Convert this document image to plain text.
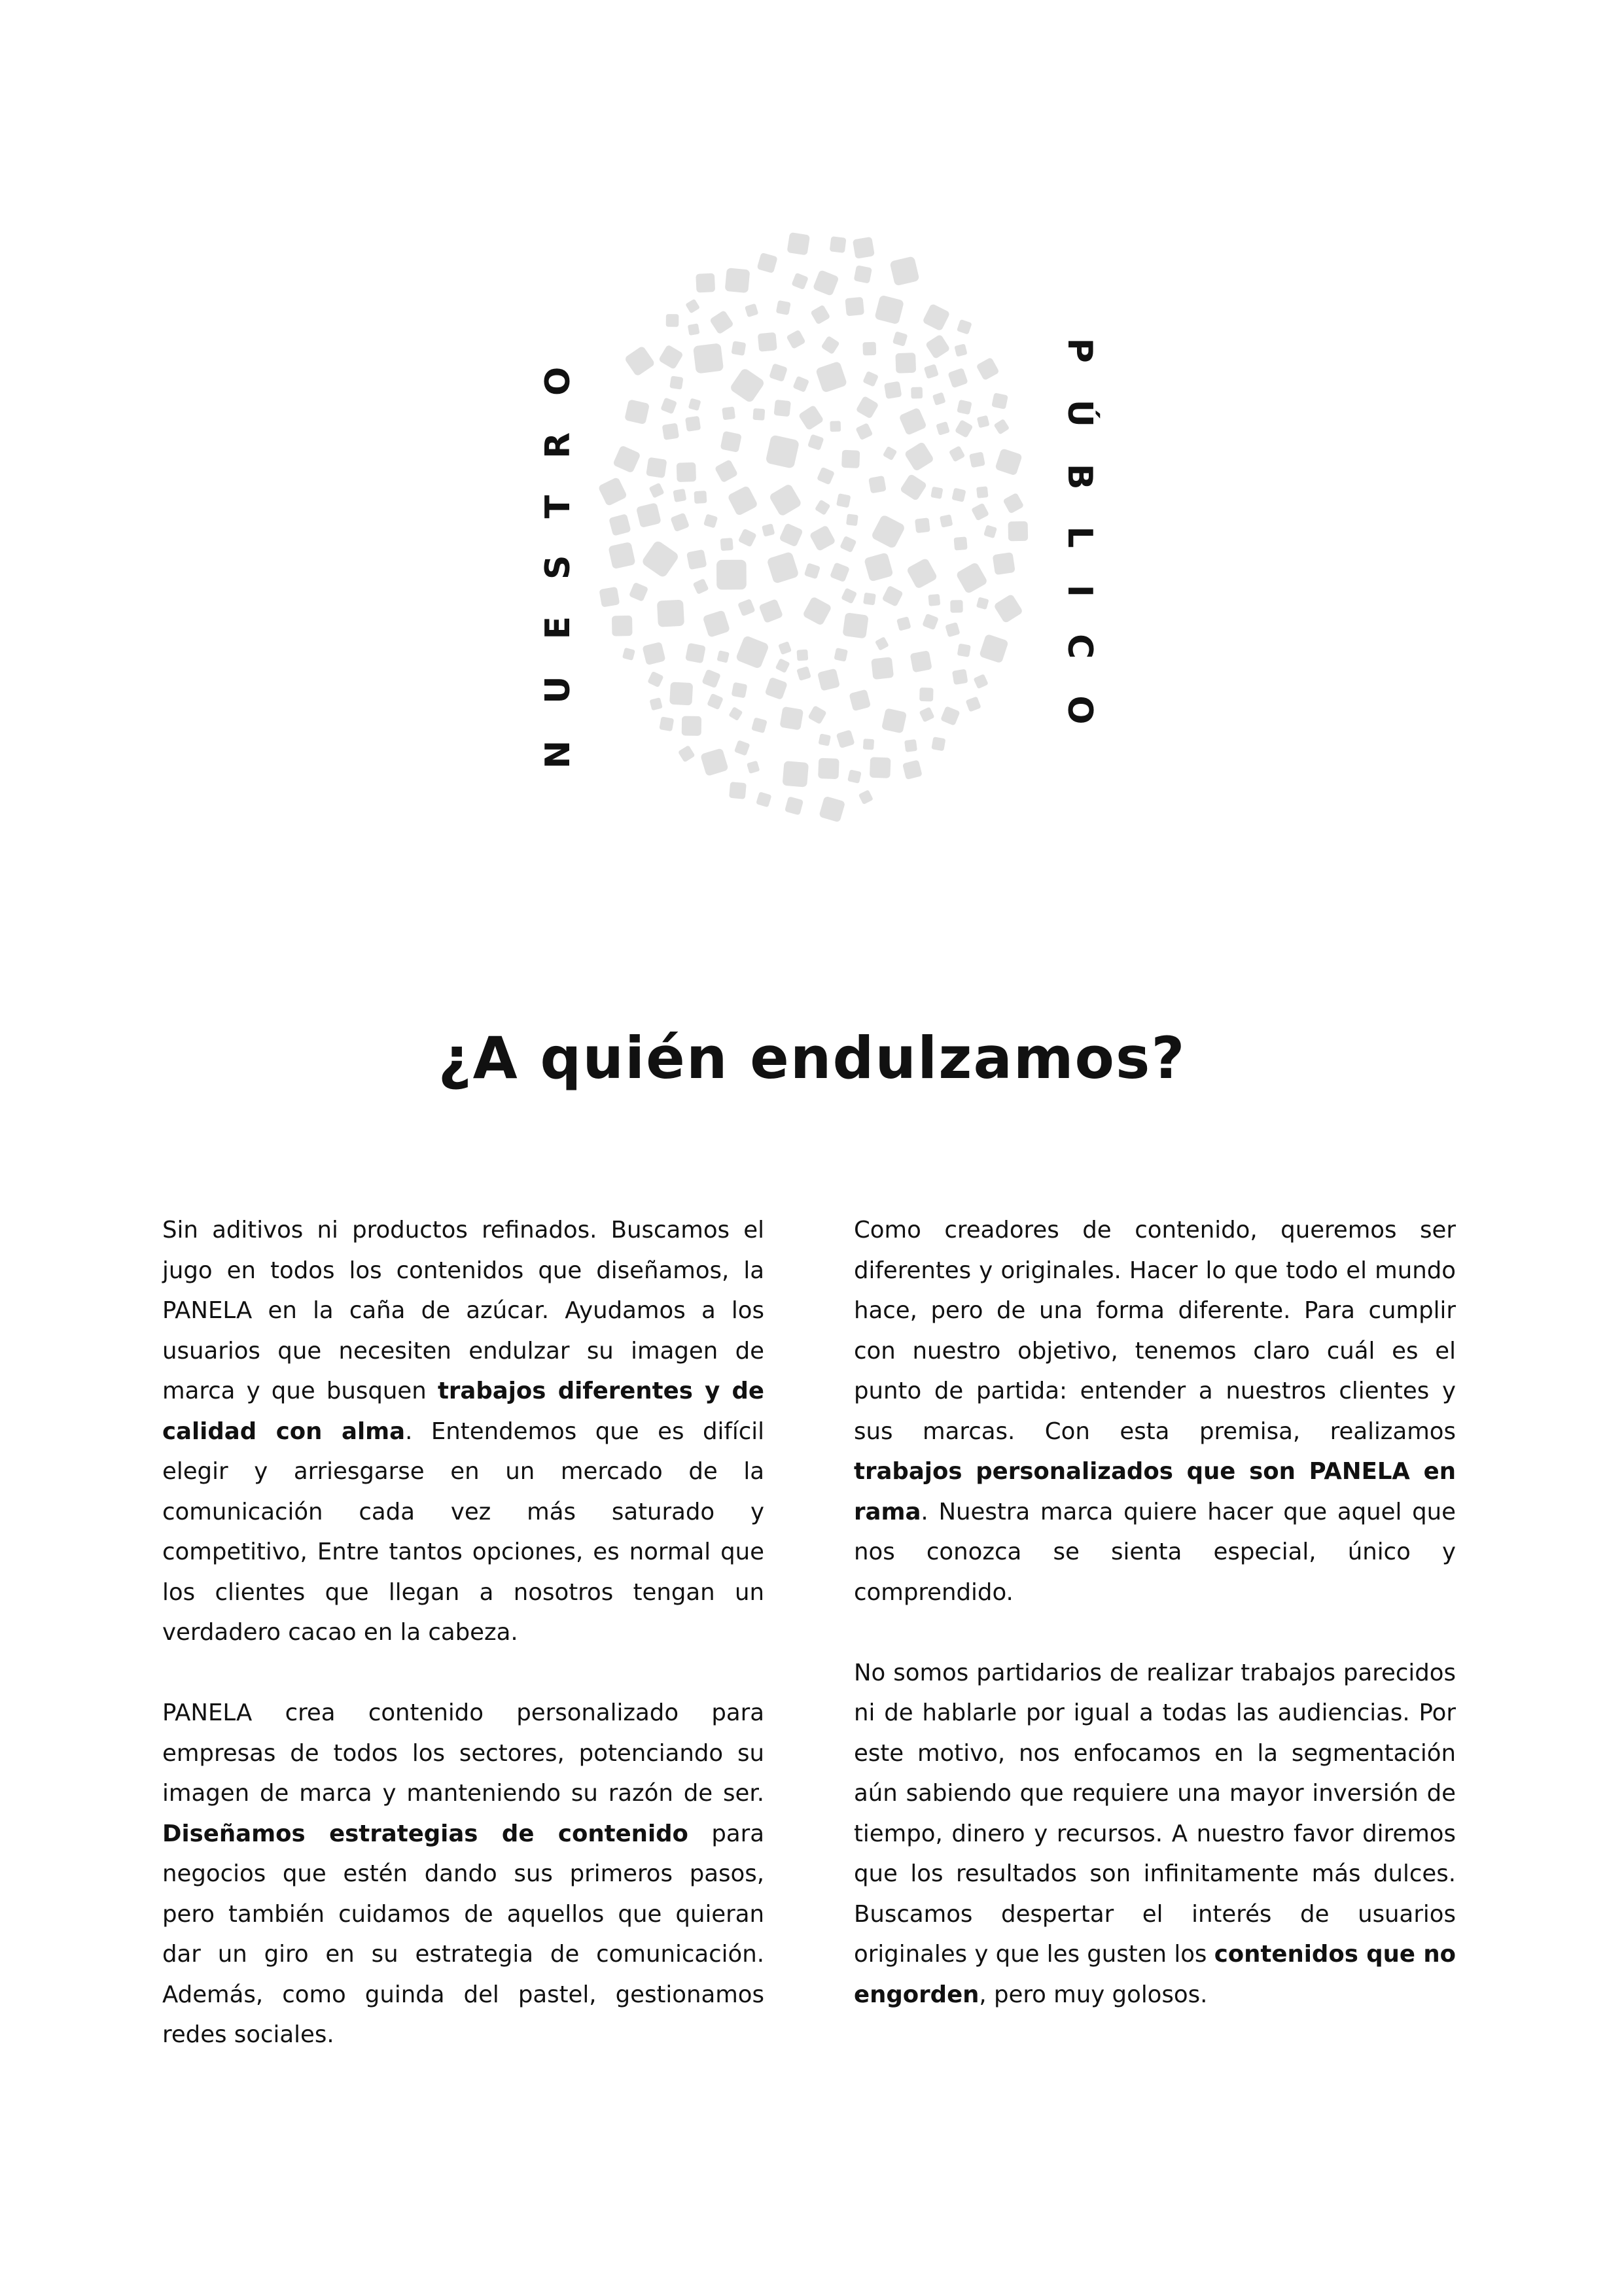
NUESTRO	PÚBLICO
¿A quién endulzamos?

Sin aditivos ni productos refinados. Buscamos el jugo en todos los contenidos que diseñamos, la PANELA en la caña de azúcar. Ayudamos a los usuarios que necesiten endulzar su imagen de marca y que busquen trabajos diferentes y de calidad con alma. Entendemos que es difícil elegir y arriesgarse en un mercado de la comunicación cada vez más saturado y competitivo, Entre tantos opciones, es normal que los clientes que llegan a nosotros tengan un verdadero cacao en la cabeza.

PANELA crea contenido personalizado para empresas de todos los sectores, potenciando su imagen de marca y manteniendo su razón de ser. Diseñamos estrategias de contenido para negocios que estén dando sus primeros pasos, pero también cuidamos de aquellos que quieran dar un giro en su estrategia de comunicación. Además, como guinda del pastel, gestionamos redes sociales.

Como creadores de contenido, queremos ser diferentes y originales. Hacer lo que todo el mundo hace, pero de una forma diferente. Para cumplir con nuestro objetivo, tenemos claro cuál es el punto de partida: entender a nuestros clientes y sus marcas. Con esta premisa, realizamos trabajos personalizados que son PANELA en rama. Nuestra marca quiere hacer que aquel que nos conozca se sienta especial, único y comprendido.

No somos partidarios de realizar trabajos parecidos ni de hablarle por igual a todas las audiencias. Por este motivo, nos enfocamos en la segmentación aún sabiendo que requiere una mayor inversión de tiempo, dinero y recursos. A nuestro favor diremos que los resultados son infinitamente más dulces. Buscamos despertar el interés de usuarios originales y que les gusten los contenidos que no engorden, pero muy golosos.
